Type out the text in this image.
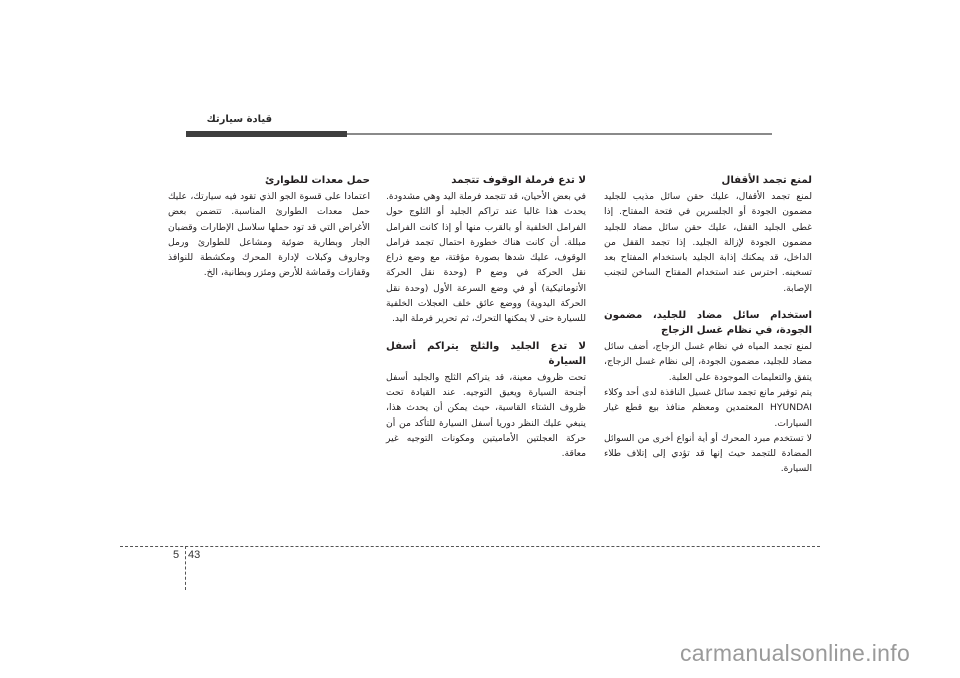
قيادة سيارتك
لمنع تجمد الأقفال

لمنع تجمد الأقفال، عليك حقن سائل مذيب للجليد مضمون الجودة أو الجلسرين في فتحة المفتاح. إذا غطى الجليد القفل، عليك حقن سائل مضاد للجليد مضمون الجودة لإزالة الجليد. إذا تجمد القفل من الداخل، قد يمكنك إذابة الجليد باستخدام المفتاح بعد تسخينه. احترس عند استخدام المفتاح الساخن لتجنب الإصابة.

استخدام سائل مضاد للجليد، مضمون الجودة، في نظام غسل الزجاج

لمنع تجمد المياه في نظام غسل الزجاج، أضف سائل مضاد للجليد، مضمون الجودة، إلى نظام غسل الزجاج، يتفق والتعليمات الموجودة على العلبة.

يتم توفير مانع تجمد سائل غسيل النافذة لدى أحد وكلاء HYUNDAI المعتمدين ومعظم منافذ بيع قطع غيار السيارات.

لا تستخدم مبرد المحرك أو أية أنواع أخرى من السوائل المضادة للتجمد حيث إنها قد تؤدي إلى إتلاف طلاء السيارة.

لا تدع فرملة الوقوف تتجمد

في بعض الأحيان، قد تتجمد فرملة اليد وهي مشدودة. يحدث هذا غالبا عند تراكم الجليد أو الثلوج حول الفرامل الخلفية أو بالقرب منها أو إذا كانت الفرامل مبللة. أن كانت هناك خطورة احتمال تجمد فرامل الوقوف، عليك شدها بصورة مؤقتة، مع وضع ذراع نقل الحركة في وضع P (وحدة نقل الحركة الأتوماتيكية) أو في وضع السرعة الأول (وحدة نقل الحركة اليدوية) ووضع عائق خلف العجلات الخلفية للسيارة حتى لا يمكنها التحرك، ثم تحرير فرملة اليد.

لا تدع الجليد والثلج يتراكم أسفل السيارة

تحت ظروف معينة، قد يتراكم الثلج والجليد أسفل أجنحة السيارة ويعيق التوجيه. عند القيادة تحت ظروف الشتاء القاسية، حيث يمكن أن يحدث هذا، ينبغي عليك النظر دوريا أسفل السيارة للتأكد من أن حركة العجلتين الأماميتين ومكونات التوجيه غير معاقة.

حمل معدات للطوارئ

اعتمادا على قسوة الجو الذي تقود فيه سيارتك، عليك حمل معدات الطوارئ المناسبة. تتضمن بعض الأغراض التي قد تود حملها سلاسل الإطارات وقضبان الجار وبطارية ضوئية ومشاعل للطوارئ ورمل وجاروف وكبلات لإدارة المحرك ومكشطة للنوافذ وقفازات وقماشة للأرض ومئزر وبطانية، الخ.

5 43
carmanualsonline.info
